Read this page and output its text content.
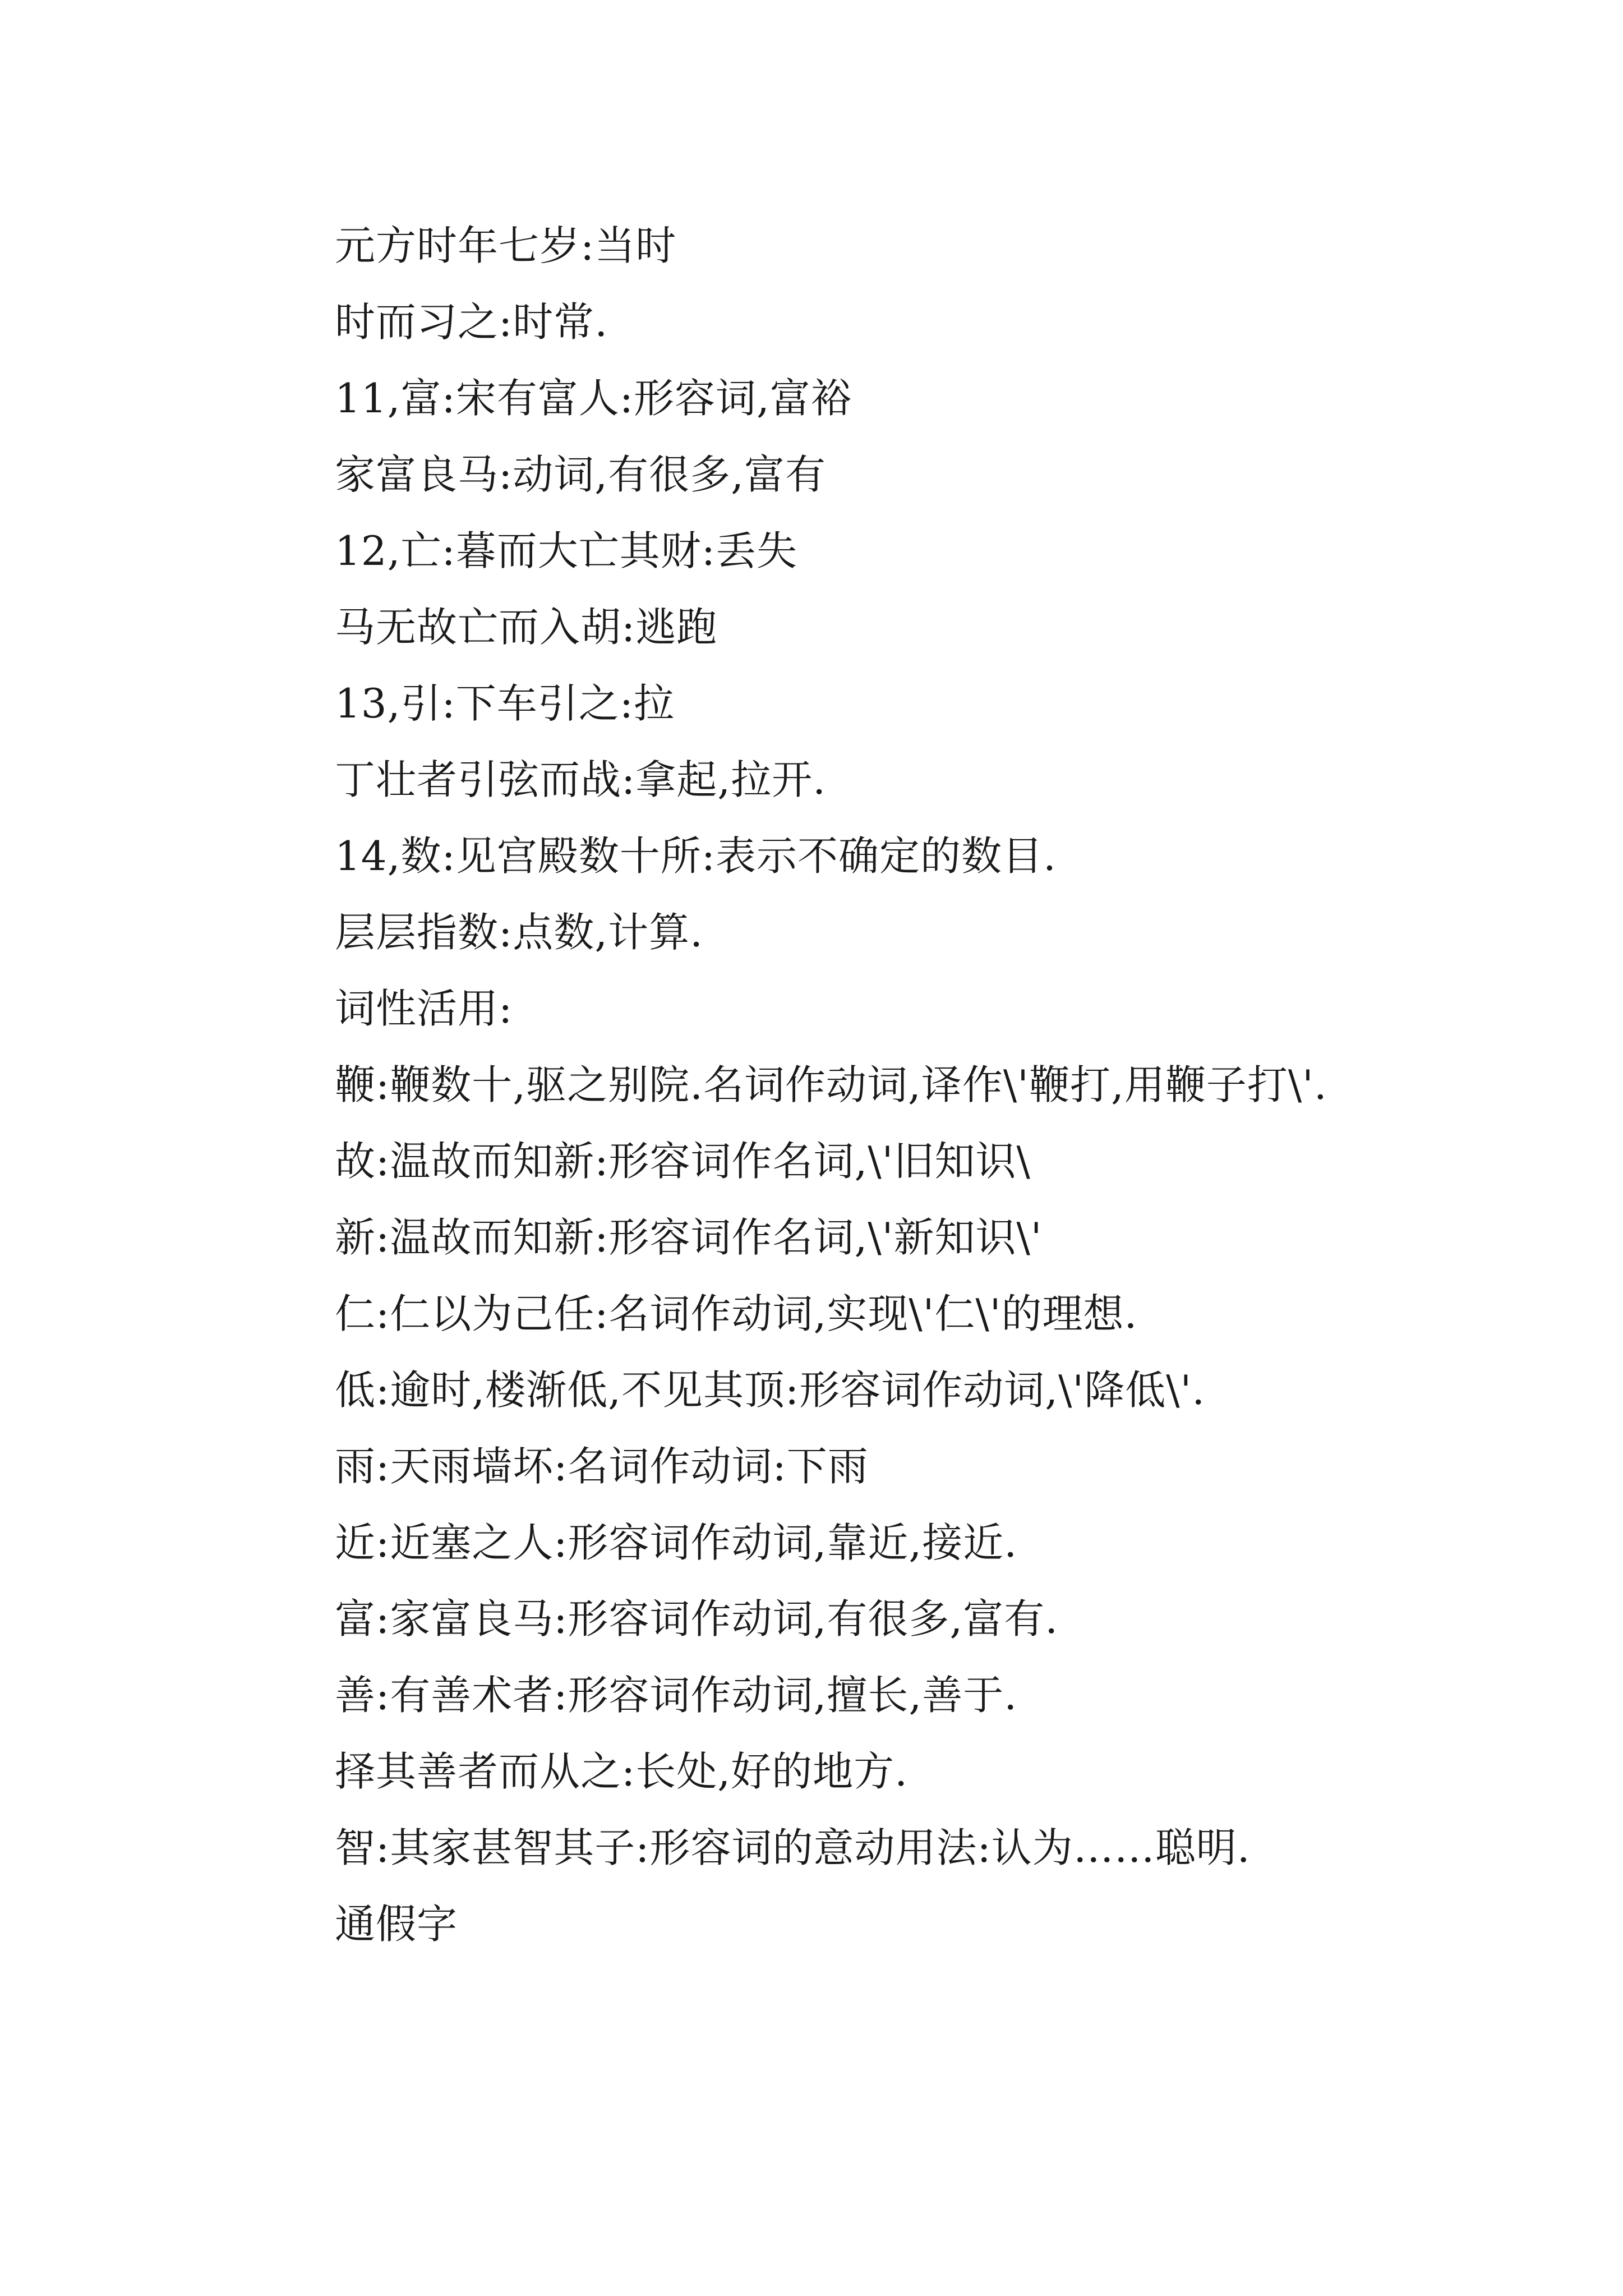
元方时年七岁:当时
时而习之:时常.
11,富:宋有富人:形容词,富裕
家富良马:动词,有很多,富有
12,亡:暮而大亡其财:丢失
马无故亡而入胡:逃跑
13,引:下车引之:拉
丁壮者引弦而战:拿起,拉开.
14,数:见宫殿数十所:表示不确定的数目.
层层指数:点数,计算.
词性活用:
鞭:鞭数十,驱之别院.名词作动词,译作\'鞭打,用鞭子打\'.
故:温故而知新:形容词作名词,\'旧知识\
新:温故而知新:形容词作名词,\'新知识\'
仁:仁以为己任:名词作动词,实现\'仁\'的理想.
低:逾时,楼渐低,不见其顶:形容词作动词,\'降低\'.
雨:天雨墙坏:名词作动词:下雨
近:近塞之人:形容词作动词,靠近,接近.
富:家富良马:形容词作动词,有很多,富有.
善:有善术者:形容词作动词,擅长,善于.
择其善者而从之:长处,好的地方.
智:其家甚智其子:形容词的意动用法:认为……聪明.
通假字
